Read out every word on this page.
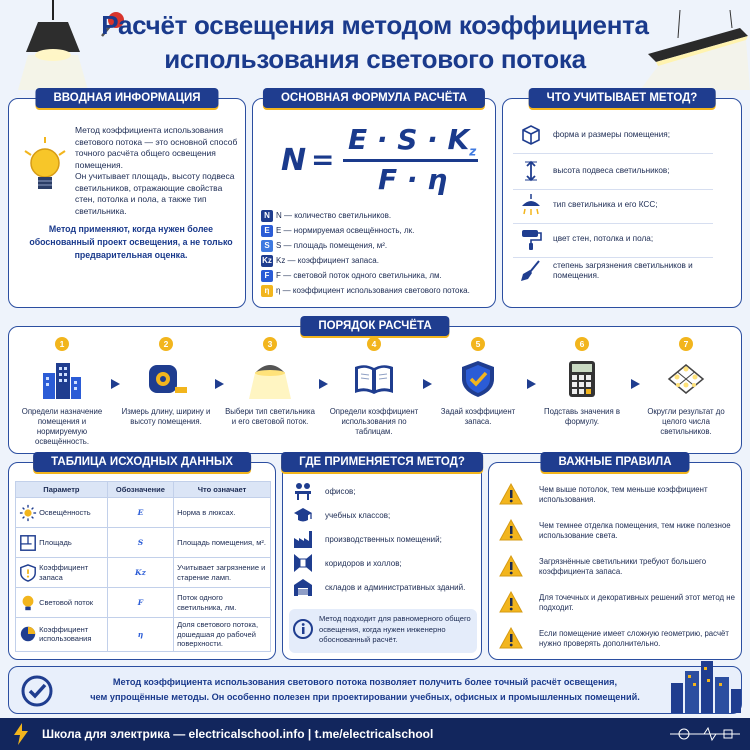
Расчёт освещения методом коэффициента
использования светового потока
ВВОДНАЯ ИНФОРМАЦИЯ
Метод коэффициента использования светового потока — это основной способ точного расчёта общего освещения помещения.
Он учитывает площадь, высоту подвеса светильников, отражающие свойства стен, потолка и пола, а также тип светильника.
Метод применяют, когда нужен более обоснованный проект освещения, а не только предварительная оценка.
ОСНОВНАЯ ФОРМУЛА РАСЧЁТА
N =
$E \cdot S \cdot K_z$
F · η
N N — количество светильников.
E E — нормируемая освещённость, лк.
S S — площадь помещения, м².
Kz Kz — коэффициент запаса.
F F — световой поток одного светильника, лм.
η η — коэффициент использования светового потока.
ЧТО УЧИТЫВАЕТ МЕТОД?
форма и размеры помещения;
высота подвеса светильников;
тип светильника и его КСС;
цвет стен, потолка и пола;
степень загрязнения светильников и помещения.
ПОРЯДОК РАСЧЁТА
1
Определи назначение помещения и нормируемую освещённость.
2
Измерь длину, ширину и высоту помещения.
3
Выбери тип светильника и его световой поток.
4
Определи коэффициент использования по таблицам.
5
Задай коэффициент запаса.
6
Подставь значения в формулу.
7
Округли результат до целого числа светильников.
ТАБЛИЦА ИСХОДНЫХ ДАННЫХ
Параметр	Обозначение	Что означает
Освещённость	E	Норма в люксах.
Площадь	S	Площадь помещения, м².
Коэффициент запаса	Kz	Учитывает загрязнение и старение ламп.
Световой поток	F	Поток одного светильника, лм.
Коэффициент использования	η	Доля светового потока, дошедшая до рабочей поверхности.
ГДЕ ПРИМЕНЯЕТСЯ МЕТОД?
офисов;
учебных классов;
производственных помещений;
коридоров и холлов;
складов и административных зданий.
Метод подходит для равномерного общего освещения, когда нужен инженерно обоснованный расчёт.
ВАЖНЫЕ ПРАВИЛА
Чем выше потолок, тем меньше коэффициент использования.
Чем темнее отделка помещения, тем ниже полезное использование света.
Загрязнённые светильники требуют большего коэффициента запаса.
Для точечных и декоративных решений этот метод не подходит.
Если помещение имеет сложную геометрию, расчёт нужно проверять дополнительно.
Метод коэффициента использования светового потока позволяет получить более точный расчёт освещения,
чем упрощённые методы. Он особенно полезен при проектировании учебных, офисных и промышленных помещений.
Школа для электрика — electricalschool.info | t.me/electricalschool
